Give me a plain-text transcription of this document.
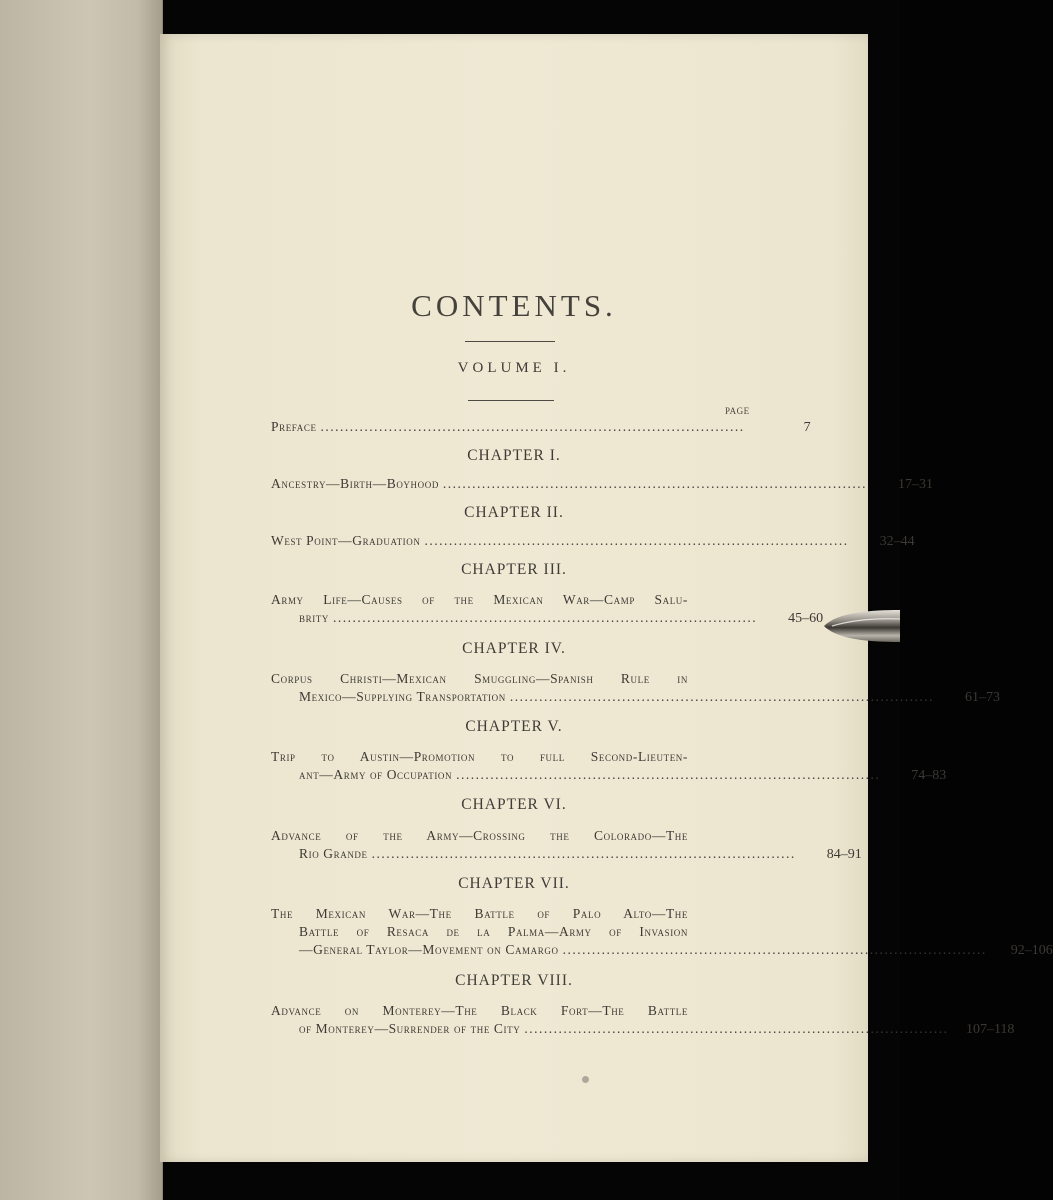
CONTENTS.
VOLUME I.
PAGE
Preface .......................................................................................	7
CHAPTER I.
Ancestry—Birth—Boyhood .......................................................................................	17–31
CHAPTER II.
West Point—Graduation .......................................................................................	32–44
CHAPTER III.
Army Life—Causes of the Mexican War—Camp Salu-
brity .......................................................................................	45–60
CHAPTER IV.
Corpus Christi—Mexican Smuggling—Spanish Rule in
Mexico—Supplying Transportation .......................................................................................	61–73
CHAPTER V.
Trip to Austin—Promotion to full Second-Lieuten-
ant—Army of Occupation .......................................................................................	74–83
CHAPTER VI.
Advance of the Army—Crossing the Colorado—The
Rio Grande .......................................................................................	84–91
CHAPTER VII.
The Mexican War—The Battle of Palo Alto—The
Battle of Resaca de la Palma—Army of Invasion
—General Taylor—Movement on Camargo .......................................................................................	92–106
CHAPTER VIII.
Advance on Monterey—The Black Fort—The Battle
of Monterey—Surrender of the City .......................................................................................	107–118
